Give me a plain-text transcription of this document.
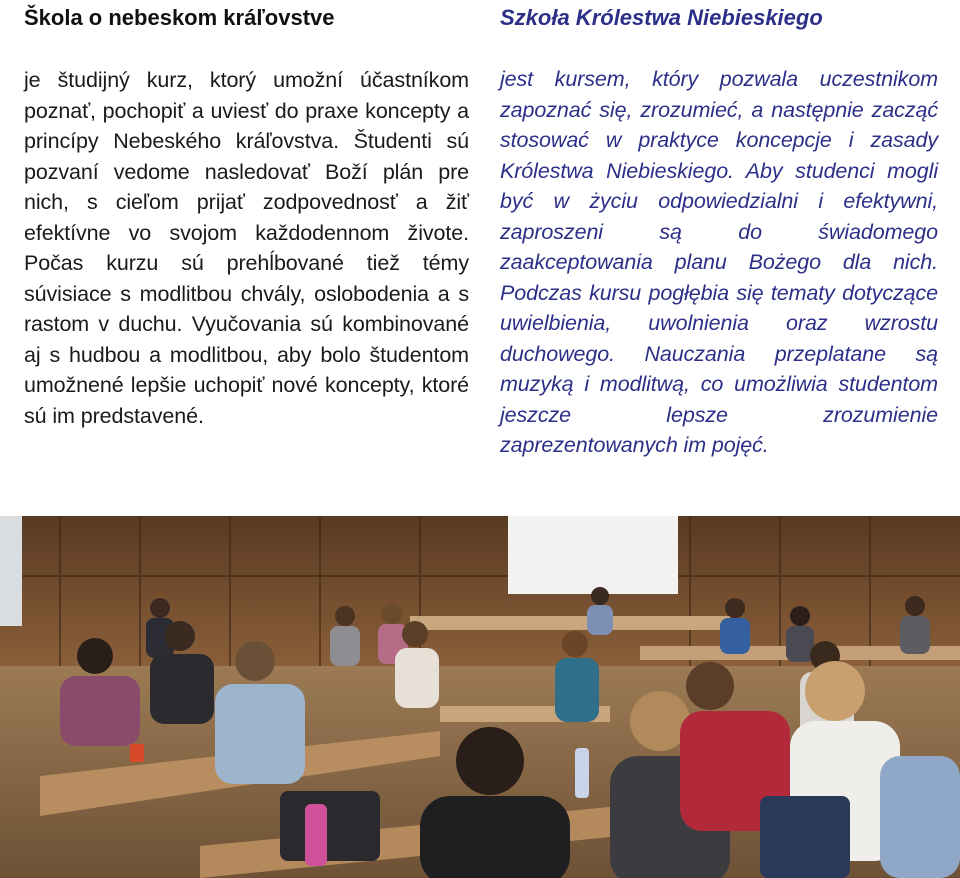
Škola o nebeskom kráľovstve

je študijný kurz, ktorý umožní účastníkom poznať, pochopiť a uviesť do praxe koncepty a princípy Nebeského kráľovstva. Študenti sú pozvaní vedome nasledovať Boží plán pre nich, s cieľom prijať zodpovednosť a žiť efektívne vo svojom každodennom živote. Počas kurzu sú prehĺbované tiež témy súvisiace s modlitbou chvály, oslobodenia a s rastom v duchu. Vyučovania sú kombinované aj s hudbou a modlitbou, aby bolo študentom umožnené lepšie uchopiť nové koncepty, ktoré sú im predstavené.

Szkoła Królestwa Niebieskiego

jest kursem, który pozwala uczestnikom zapoznać się, zrozumieć, a następnie zacząć stosować w praktyce koncepcje i zasady Królestwa Niebieskiego. Aby studenci mogli być w życiu odpowiedzialni i efektywni, zaproszeni są do świadomego zaakceptowania planu Bożego dla nich. Podczas kursu pogłębia się tematy dotyczące uwielbienia, uwolnienia oraz wzrostu duchowego. Nauczania przeplatane są muzyką i modlitwą, co umożliwia studentom jeszcze lepsze zrozumienie zaprezentowanych im pojęć.
